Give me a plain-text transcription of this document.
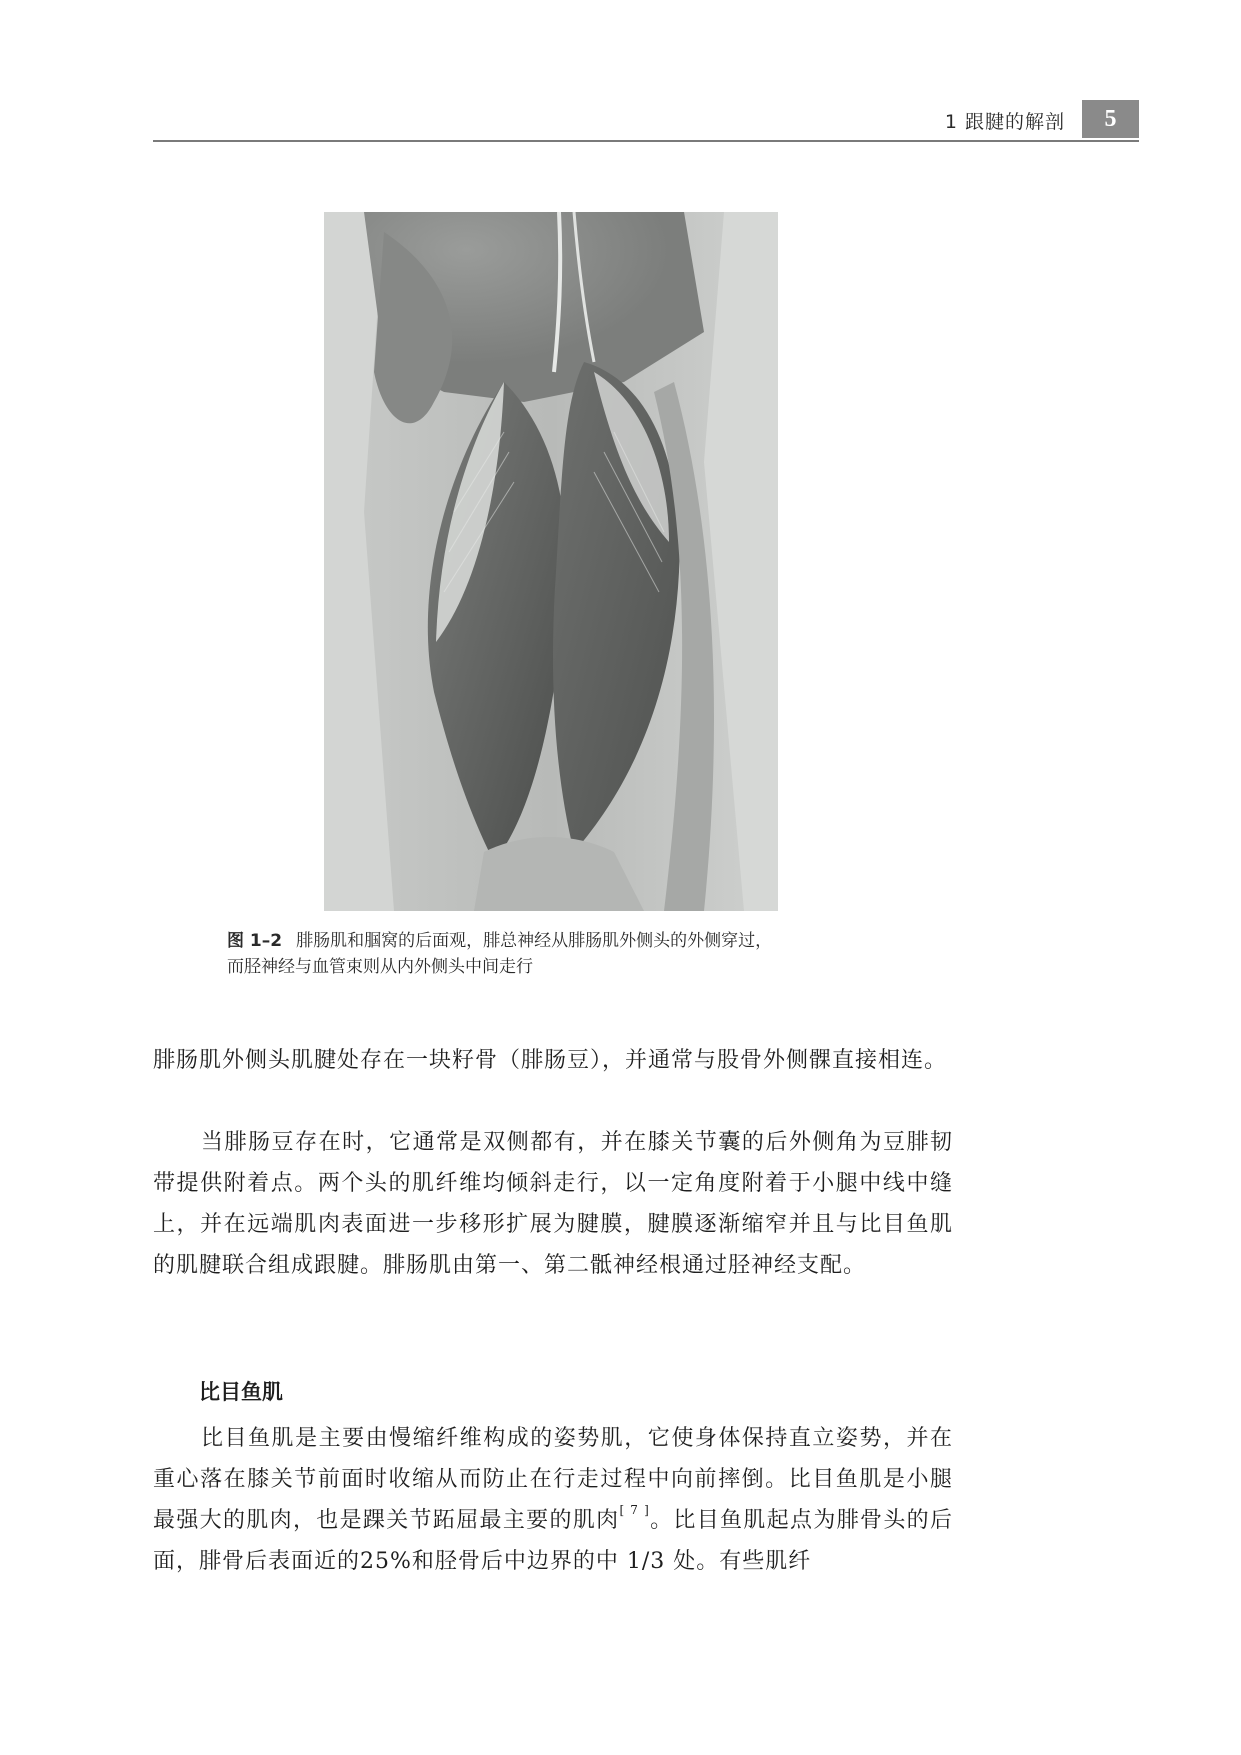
1 跟腱的解剖	5
图 1–2 腓肠肌和腘窝的后面观，腓总神经从腓肠肌外侧头的外侧穿过，
而胫神经与血管束则从内外侧头中间走行

腓肠肌外侧头肌腱处存在一块籽骨（腓肠豆），并通常与股骨外侧髁直接相连。

当腓肠豆存在时，它通常是双侧都有，并在膝关节囊的后外侧角为豆腓韧带提供附着点。两个头的肌纤维均倾斜走行，以一定角度附着于小腿中线中缝上，并在远端肌肉表面进一步移形扩展为腱膜，腱膜逐渐缩窄并且与比目鱼肌的肌腱联合组成跟腱。腓肠肌由第一、第二骶神经根通过胫神经支配。

比目鱼肌

比目鱼肌是主要由慢缩纤维构成的姿势肌，它使身体保持直立姿势，并在重心落在膝关节前面时收缩从而防止在行走过程中向前摔倒。比目鱼肌是小腿最强大的肌肉，也是踝关节跖屈最主要的肌肉[ 7 ]。比目鱼肌起点为腓骨头的后面，腓骨后表面近的25%和胫骨后中边界的中 1/3 处。有些肌纤
